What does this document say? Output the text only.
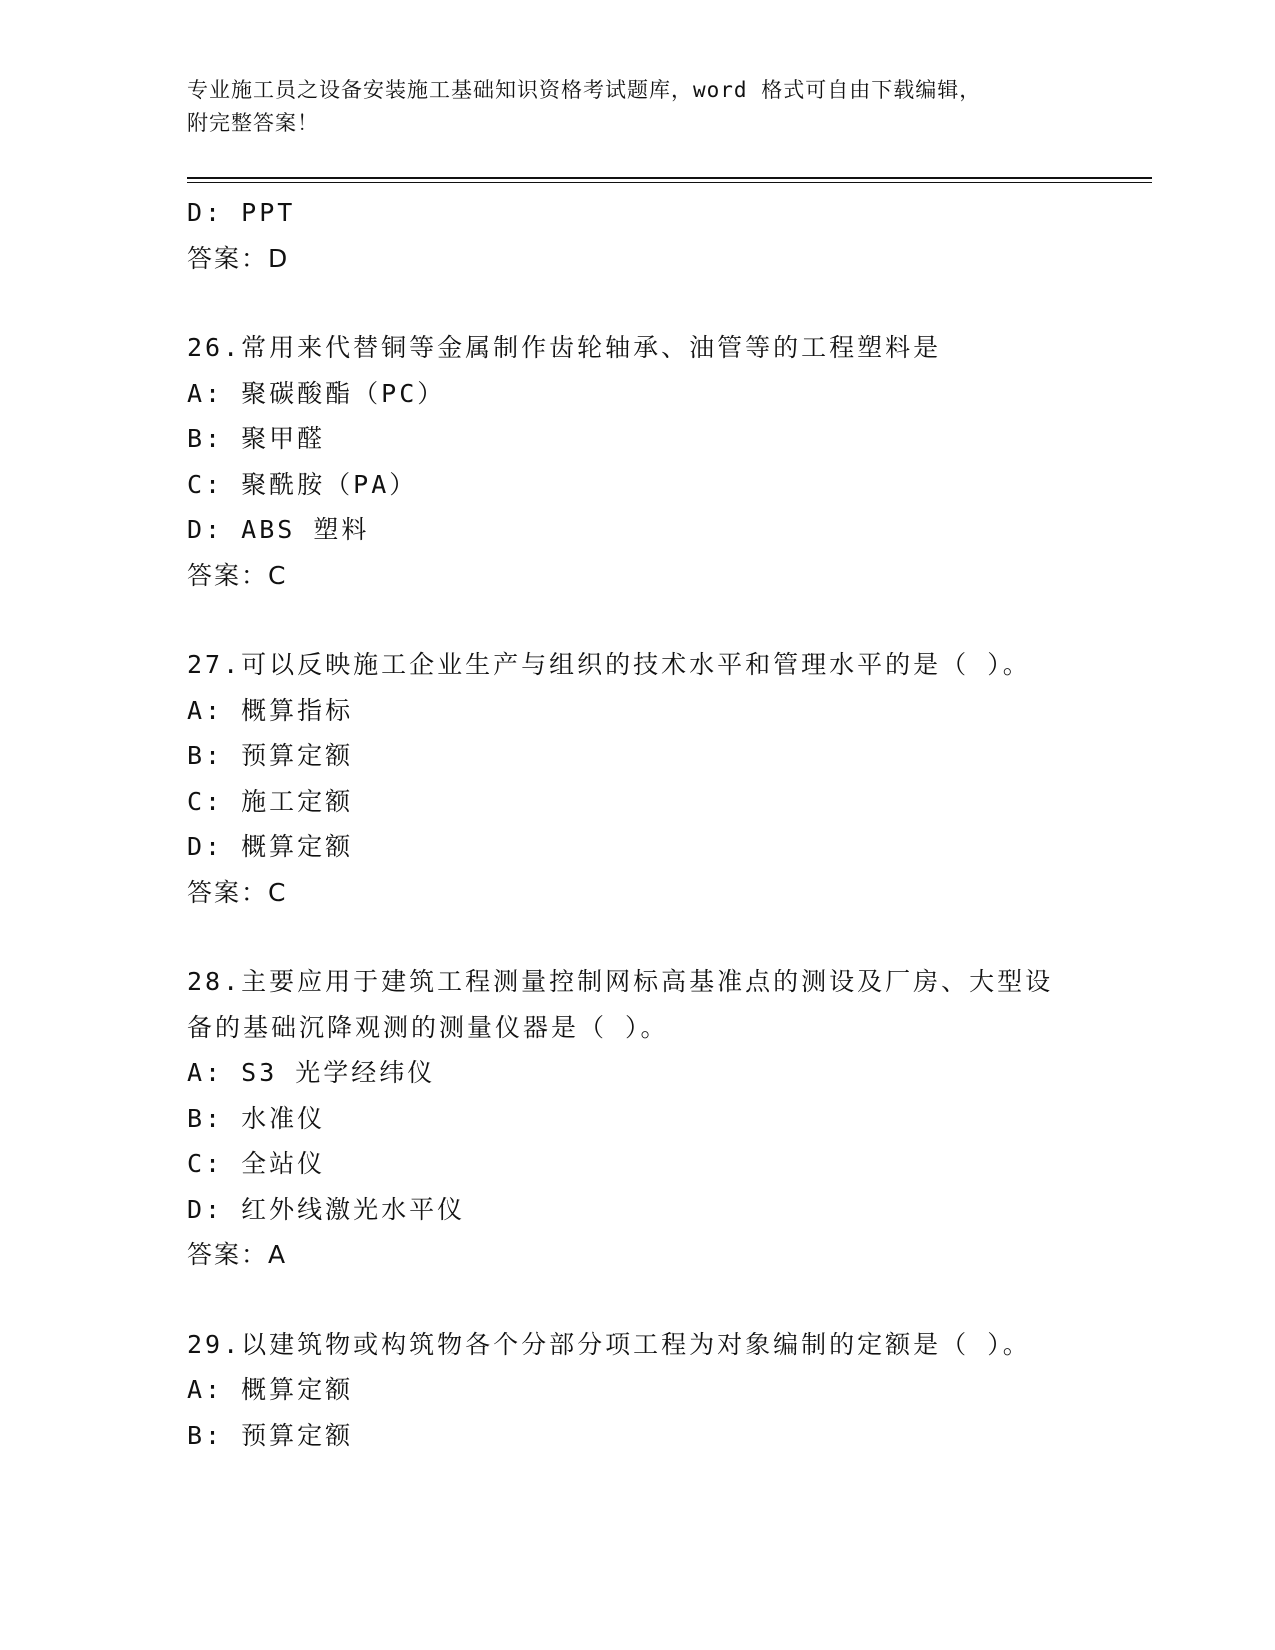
专业施工员之设备安装施工基础知识资格考试题库，word 格式可自由下载编辑，
附完整答案！
D: PPT
答案：D
26.常用来代替铜等金属制作齿轮轴承、油管等的工程塑料是
A: 聚碳酸酯（PC）
B: 聚甲醛
C: 聚酰胺（PA）
D: ABS 塑料
答案：C
27.可以反映施工企业生产与组织的技术水平和管理水平的是（ ）。
A: 概算指标
B: 预算定额
C: 施工定额
D: 概算定额
答案：C
28.主要应用于建筑工程测量控制网标高基准点的测设及厂房、大型设
备的基础沉降观测的测量仪器是（ ）。
A: S3 光学经纬仪
B: 水准仪
C: 全站仪
D: 红外线激光水平仪
答案：A
29.以建筑物或构筑物各个分部分项工程为对象编制的定额是（ ）。
A: 概算定额
B: 预算定额
